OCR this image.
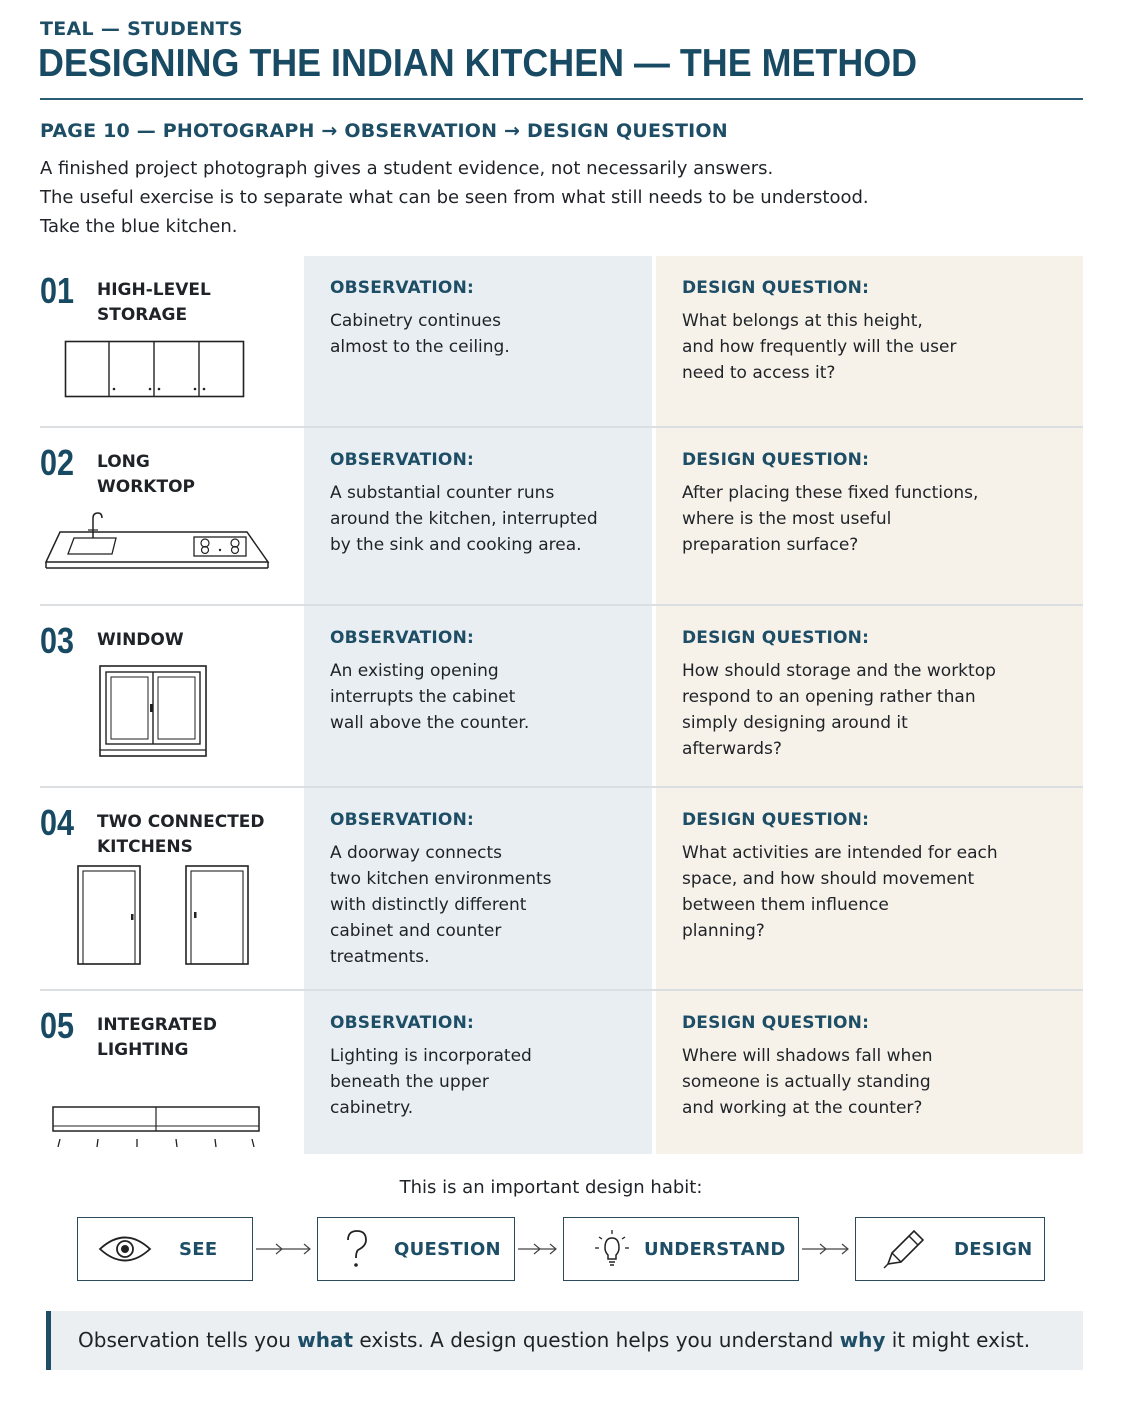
TEAL — STUDENTS
DESIGNING THE INDIAN KITCHEN — THE METHOD
PAGE 10 — PHOTOGRAPH → OBSERVATION → DESIGN QUESTION

A finished project photograph gives a student evidence, not necessarily answers.

The useful exercise is to separate what can be seen from what still needs to be understood.

Take the blue kitchen.

01 HIGH-LEVEL
STORAGE
OBSERVATION:
Cabinetry continues
almost to the ceiling.
DESIGN QUESTION:
What belongs at this height,
and how frequently will the user
need to access it?
02 LONG
WORKTOP
OBSERVATION:
A substantial counter runs
around the kitchen, interrupted
by the sink and cooking area.
DESIGN QUESTION:
After placing these fixed functions,
where is the most useful
preparation surface?
03 WINDOW	OBSERVATION:
An existing opening
interrupts the cabinet
wall above the counter.
DESIGN QUESTION:
How should storage and the worktop
respond to an opening rather than
simply designing around it
afterwards?
04 TWO CONNECTED
KITCHENS
OBSERVATION:
A doorway connects
two kitchen environments
with distinctly different
cabinet and counter
treatments.
DESIGN QUESTION:
What activities are intended for each
space, and how should movement
between them influence
planning?
05 INTEGRATED
LIGHTING
OBSERVATION:
Lighting is incorporated
beneath the upper
cabinetry.
DESIGN QUESTION:
Where will shadows fall when
someone is actually standing
and working at the counter?
This is an important design habit:
SEE	QUESTION	UNDERSTAND	DESIGN
Observation tells you what exists. A design question helps you understand why it might exist.
